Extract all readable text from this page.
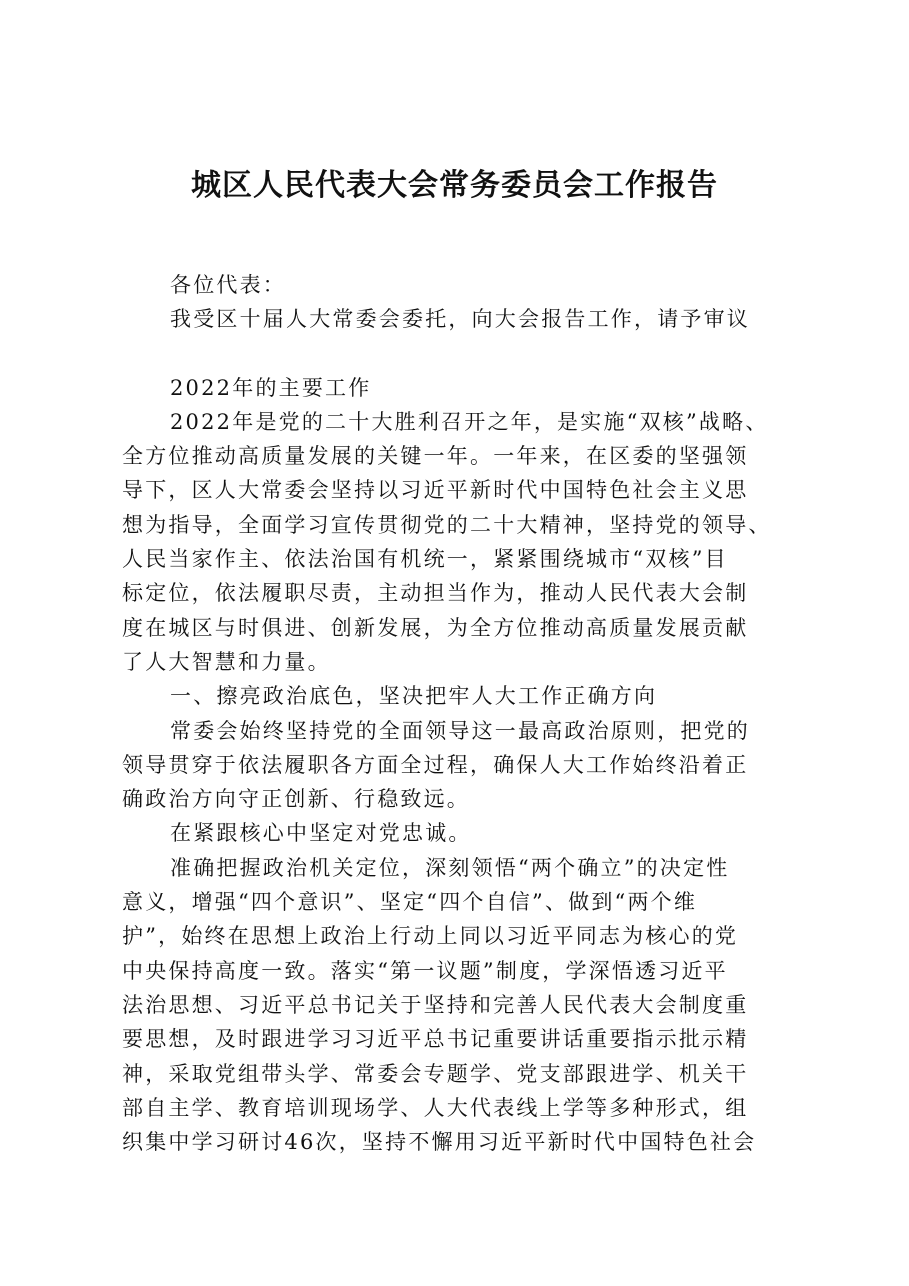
城区人民代表大会常务委员会工作报告

各位代表：

我受区十届人大常委会委托，向大会报告工作，请予审议

2022年的主要工作

2022年是党的二十大胜利召开之年，是实施“双核”战略、

全方位推动高质量发展的关键一年。一年来，在区委的坚强领

导下，区人大常委会坚持以习近平新时代中国特色社会主义思

想为指导，全面学习宣传贯彻党的二十大精神，坚持党的领导、

人民当家作主、依法治国有机统一，紧紧围绕城市“双核”目

标定位，依法履职尽责，主动担当作为，推动人民代表大会制

度在城区与时俱进、创新发展，为全方位推动高质量发展贡献

了人大智慧和力量。

一、擦亮政治底色，坚决把牢人大工作正确方向

常委会始终坚持党的全面领导这一最高政治原则，把党的

领导贯穿于依法履职各方面全过程，确保人大工作始终沿着正

确政治方向守正创新、行稳致远。

在紧跟核心中坚定对党忠诚。

准确把握政治机关定位，深刻领悟“两个确立”的决定性

意义，增强“四个意识”、坚定“四个自信”、做到“两个维

护”，始终在思想上政治上行动上同以习近平同志为核心的党

中央保持高度一致。落实“第一议题”制度，学深悟透习近平

法治思想、习近平总书记关于坚持和完善人民代表大会制度重

要思想，及时跟进学习习近平总书记重要讲话重要指示批示精

神，采取党组带头学、常委会专题学、党支部跟进学、机关干

部自主学、教育培训现场学、人大代表线上学等多种形式，组

织集中学习研讨46次，坚持不懈用习近平新时代中国特色社会
